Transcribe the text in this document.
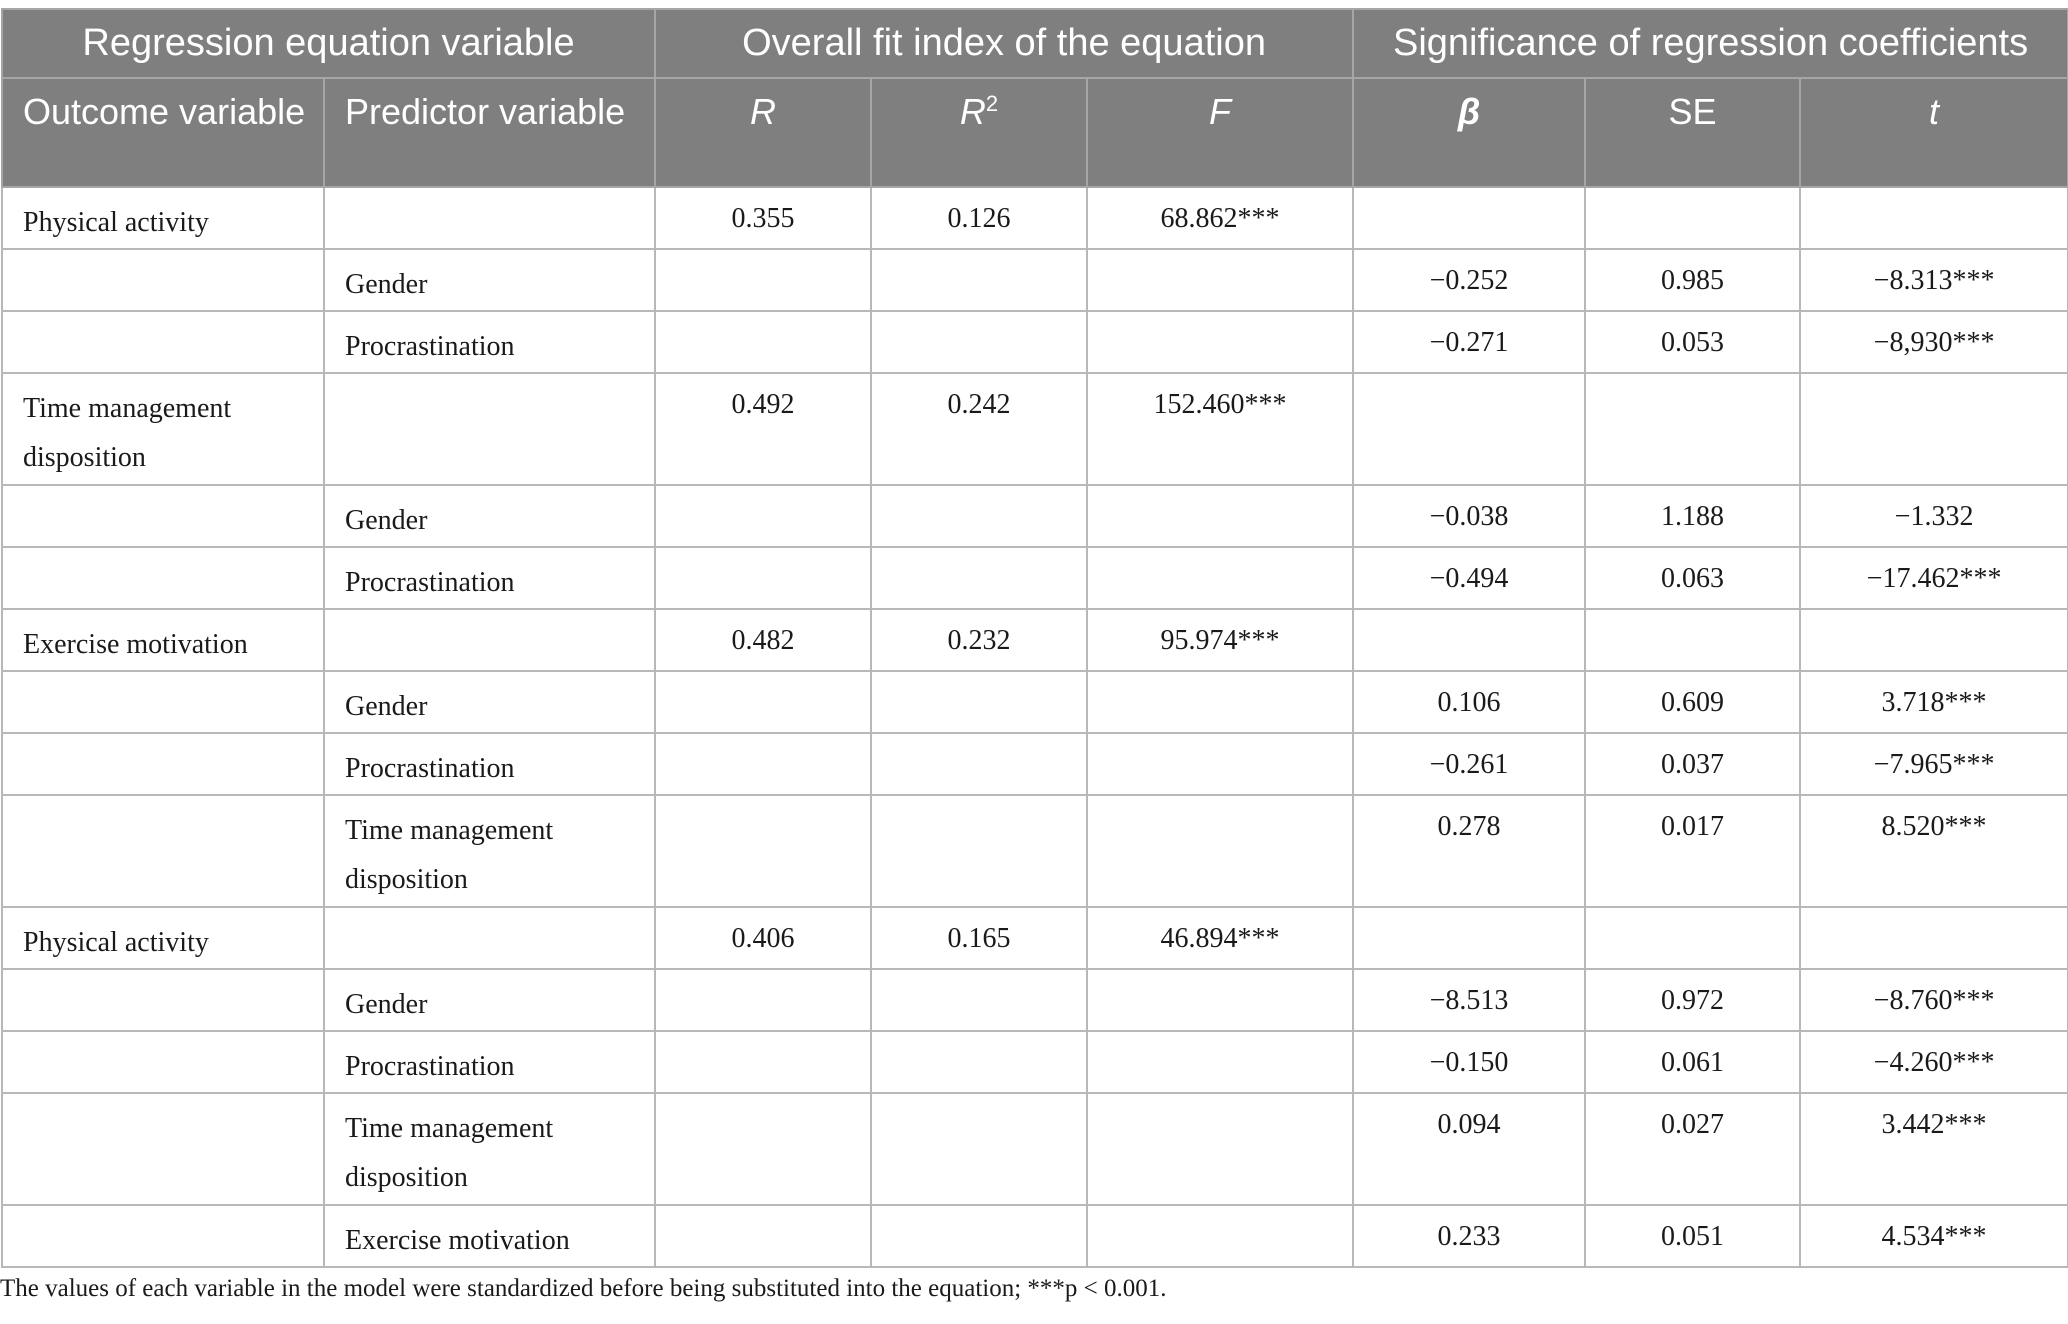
Regression equation variable		Overall fit index of the equation			Significance of regression coefficients		
Outcome variable	Predictor variable	R	$R^2$	F	β	SE	t
Physical activity		0.355	0.126	68.862***			
	Gender				−0.252	0.985	−8.313***
	Procrastination				−0.271	0.053	−8,930***
Time management disposition		0.492	0.242	152.460***			
	Gender				−0.038	1.188	−1.332
	Procrastination				−0.494	0.063	−17.462***
Exercise motivation		0.482	0.232	95.974***			
	Gender				0.106	0.609	3.718***
	Procrastination				−0.261	0.037	−7.965***
	Time management disposition				0.278	0.017	8.520***
Physical activity		0.406	0.165	46.894***			
	Gender				−8.513	0.972	−8.760***
	Procrastination				−0.150	0.061	−4.260***
	Time management disposition				0.094	0.027	3.442***
	Exercise motivation				0.233	0.051	4.534***
The values of each variable in the model were standardized before being substituted into the equation; ***p < 0.001.
